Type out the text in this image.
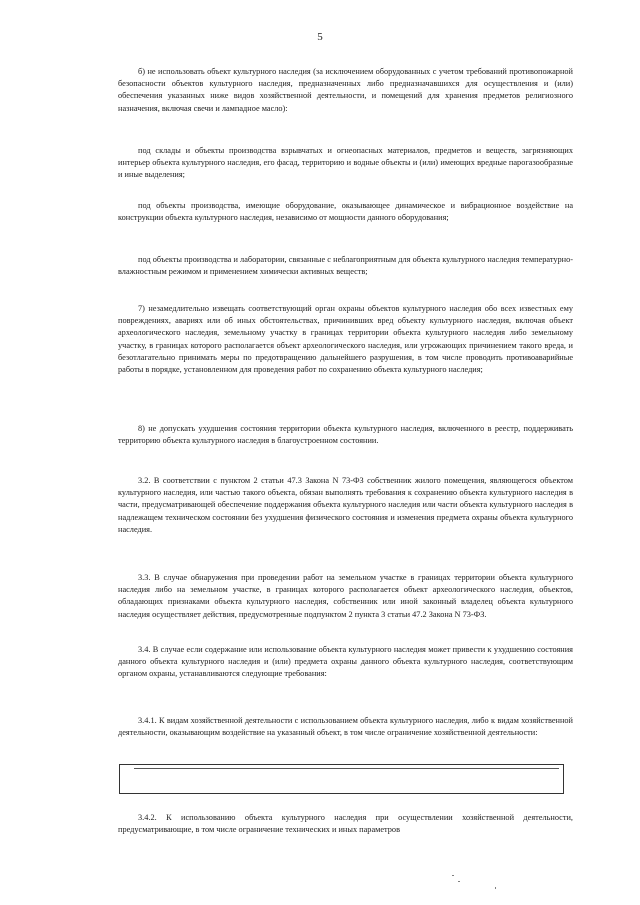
5

б) не использовать объект культурного наследия (за исключением оборудованных с учетом требований противопожарной безопасности объектов культурного наследия, предназначенных либо предназначавшихся для осуществления и (или) обеспечения указанных ниже видов хозяйственной деятельности, и помещений для хранения предметов религиозного назначения, включая свечи и лампадное масло):

под склады и объекты производства взрывчатых и огнеопасных материалов, предметов и веществ, загрязняющих интерьер объекта культурного наследия, его фасад, территорию и водные объекты и (или) имеющих вредные парогазообразные и иные выделения;

под объекты производства, имеющие оборудование, оказывающее динамическое и вибрационное воздействие на конструкции объекта культурного наследия, независимо от мощности данного оборудования;

под объекты производства и лаборатории, связанные с неблагоприятным для объекта культурного наследия температурно-влажностным режимом и применением химически активных веществ;

7) незамедлительно извещать соответствующий орган охраны объектов культурного наследия обо всех известных ему повреждениях, авариях или об иных обстоятельствах, причинивших вред объекту культурного наследия, включая объект археологического наследия, земельному участку в границах территории объекта культурного наследия либо земельному участку, в границах которого располагается объект археологического наследия, или угрожающих причинением такого вреда, и безотлагательно принимать меры по предотвращению дальнейшего разрушения, в том числе проводить противоаварийные работы в порядке, установленном для проведения работ по сохранению объекта культурного наследия;

8) не допускать ухудшения состояния территории объекта культурного наследия, включенного в реестр, поддерживать территорию объекта культурного наследия в благоустроенном состоянии.

3.2. В соответствии с пунктом 2 статьи 47.3 Закона N 73-ФЗ собственник жилого помещения, являющегося объектом культурного наследия, или частью такого объекта, обязан выполнять требования к сохранению объекта культурного наследия в части, предусматривающей обеспечение поддержания объекта культурного наследия или части объекта культурного наследия в надлежащем техническом состоянии без ухудшения физического состояния и изменения предмета охраны объекта культурного наследия.

3.3. В случае обнаружения при проведении работ на земельном участке в границах территории объекта культурного наследия либо на земельном участке, в границах которого располагается объект археологического наследия, объектов, обладающих признаками объекта культурного наследия, собственник или иной законный владелец объекта культурного наследия осуществляет действия, предусмотренные подпунктом 2 пункта 3 статьи 47.2 Закона N 73-ФЗ.

3.4. В случае если содержание или использование объекта культурного наследия может привести к ухудшению состояния данного объекта культурного наследия и (или) предмета охраны данного объекта культурного наследия, соответствующим органом охраны, устанавливаются следующие требования:

3.4.1. К видам хозяйственной деятельности с использованием объекта культурного наследия, либо к видам хозяйственной деятельности, оказывающим воздействие на указанный объект, в том числе ограничение хозяйственной деятельности:

3.4.2. К использованию объекта культурного наследия при осуществлении хозяйственной деятельности, предусматривающие, в том числе ограничение технических и иных параметров
